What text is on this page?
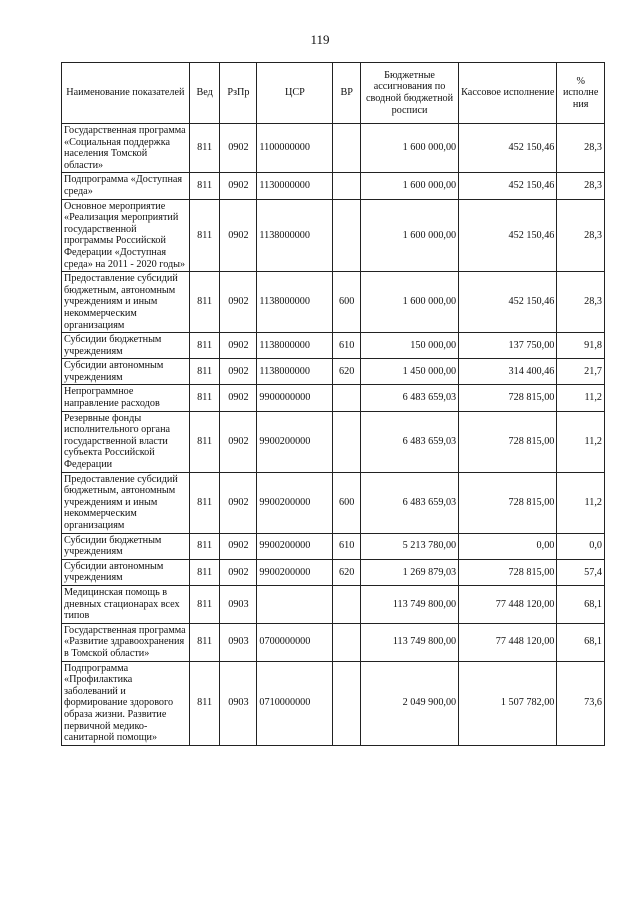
119
Наименование показателей	Вед	РзПр	ЦСР	ВР	Бюджетные ассигнования по сводной бюджетной росписи	Кассовое исполнение	% исполне ния
Государственная программа «Социальная поддержка населения Томской области»	811	0902	1100000000		1 600 000,00	452 150,46	28,3
Подпрограмма «Доступная среда»	811	0902	1130000000		1 600 000,00	452 150,46	28,3
Основное мероприятие «Реализация мероприятий государственной программы Российской Федерации «Доступная среда» на 2011 - 2020 годы»	811	0902	1138000000		1 600 000,00	452 150,46	28,3
Предоставление субсидий бюджетным, автономным учреждениям и иным некоммерческим организациям	811	0902	1138000000	600	1 600 000,00	452 150,46	28,3
Субсидии бюджетным учреждениям	811	0902	1138000000	610	150 000,00	137 750,00	91,8
Субсидии автономным учреждениям	811	0902	1138000000	620	1 450 000,00	314 400,46	21,7
Непрограммное направление расходов	811	0902	9900000000		6 483 659,03	728 815,00	11,2
Резервные фонды исполнительного органа государственной власти субъекта Российской Федерации	811	0902	9900200000		6 483 659,03	728 815,00	11,2
Предоставление субсидий бюджетным, автономным учреждениям и иным некоммерческим организациям	811	0902	9900200000	600	6 483 659,03	728 815,00	11,2
Субсидии бюджетным учреждениям	811	0902	9900200000	610	5 213 780,00	0,00	0,0
Субсидии автономным учреждениям	811	0902	9900200000	620	1 269 879,03	728 815,00	57,4
Медицинская помощь в дневных стационарах всех типов	811	0903			113 749 800,00	77 448 120,00	68,1
Государственная программа «Развитие здравоохранения в Томской области»	811	0903	0700000000		113 749 800,00	77 448 120,00	68,1
Подпрограмма «Профилактика заболеваний и формирование здорового образа жизни. Развитие первичной медико-санитарной помощи»	811	0903	0710000000		2 049 900,00	1 507 782,00	73,6
